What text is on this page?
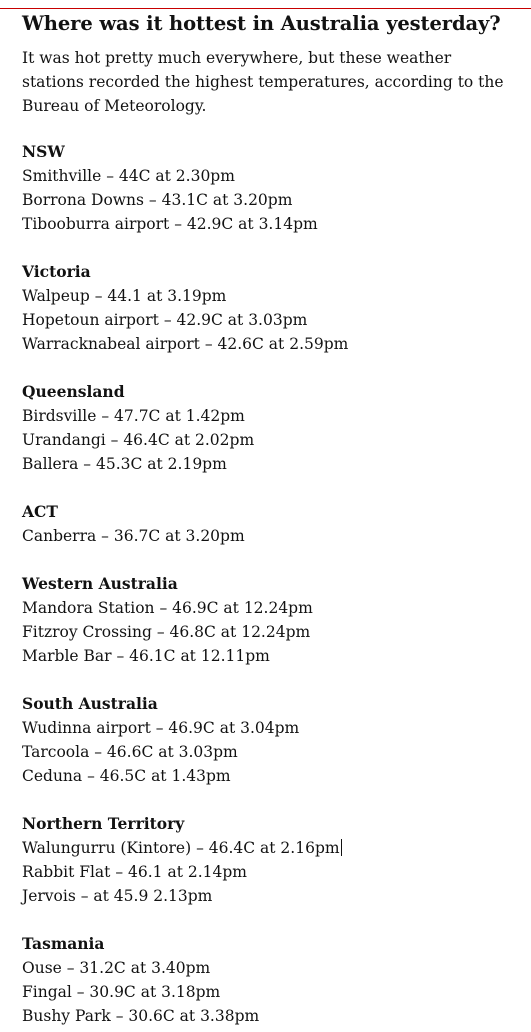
Where was it hottest in Australia yesterday?

It was hot pretty much everywhere, but these weather stations recorded the highest temperatures, according to the Bureau of Meteorology.

NSW
Smithville – 44C at 2.30pm
Borrona Downs – 43.1C at 3.20pm
Tibooburra airport – 42.9C at 3.14pm
Victoria
Walpeup – 44.1 at 3.19pm
Hopetoun airport – 42.9C at 3.03pm
Warracknabeal airport – 42.6C at 2.59pm
Queensland
Birdsville – 47.7C at 1.42pm
Urandangi – 46.4C at 2.02pm
Ballera – 45.3C at 2.19pm
ACT
Canberra – 36.7C at 3.20pm
Western Australia
Mandora Station – 46.9C at 12.24pm
Fitzroy Crossing – 46.8C at 12.24pm
Marble Bar – 46.1C at 12.11pm
South Australia
Wudinna airport – 46.9C at 3.04pm
Tarcoola – 46.6C at 3.03pm
Ceduna – 46.5C at 1.43pm
Northern Territory
Walungurru (Kintore) – 46.4C at 2.16pm
Rabbit Flat – 46.1 at 2.14pm
Jervois – at 45.9 2.13pm
Tasmania
Ouse – 31.2C at 3.40pm
Fingal – 30.9C at 3.18pm
Bushy Park – 30.6C at 3.38pm
